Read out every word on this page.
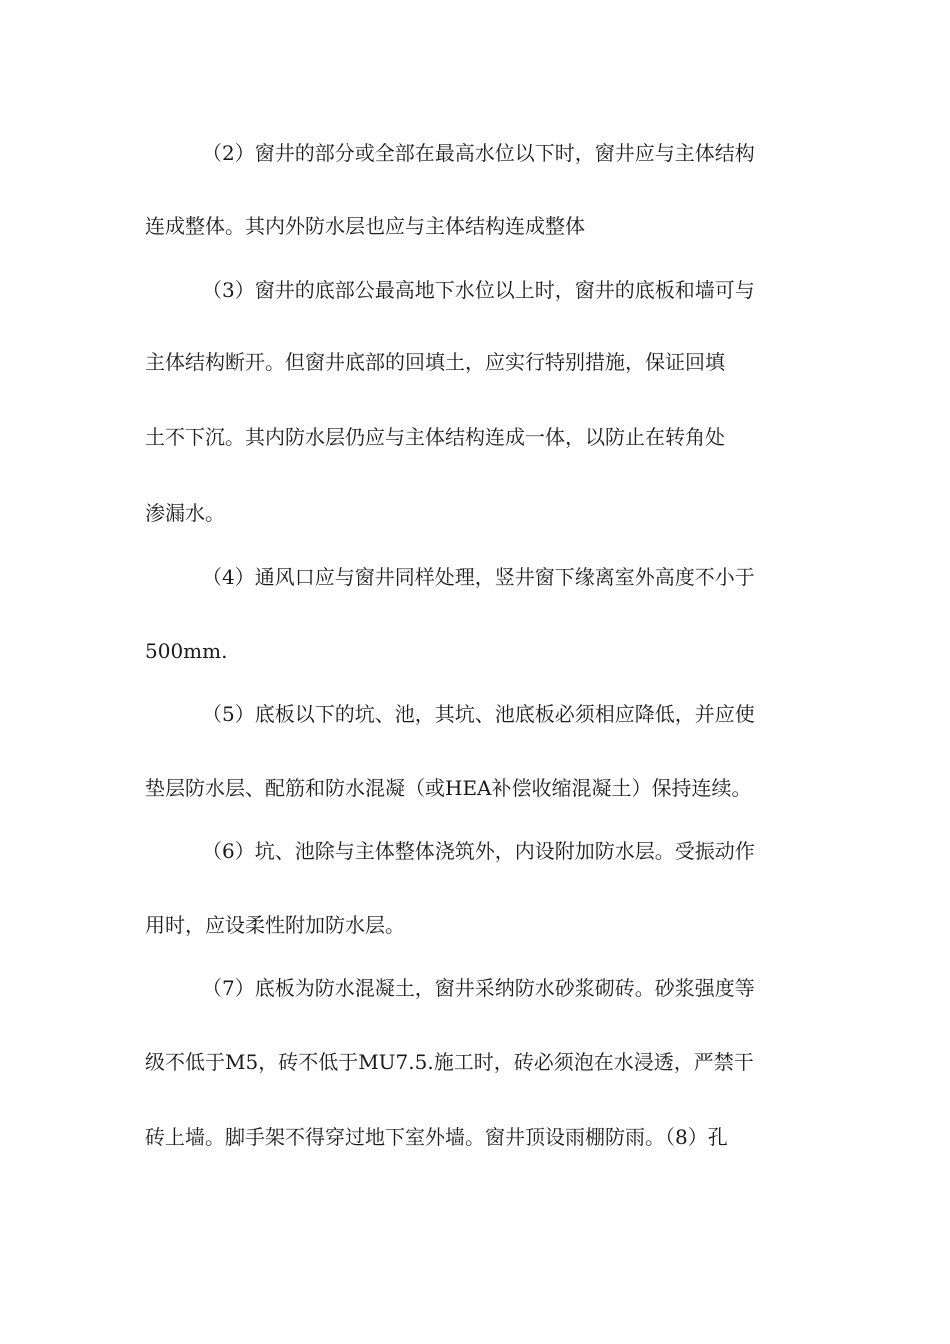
（2）窗井的部分或全部在最高水位以下时，窗井应与主体结构
连成整体。其内外防水层也应与主体结构连成整体
（3）窗井的底部公最高地下水位以上时，窗井的底板和墙可与
主体结构断开。但窗井底部的回填土，应实行特别措施，保证回填
土不下沉。其内防水层仍应与主体结构连成一体，以防止在转角处
渗漏水。
（4）通风口应与窗井同样处理，竖井窗下缘离室外高度不小于
500mm.
（5）底板以下的坑、池，其坑、池底板必须相应降低，并应使
垫层防水层、配筋和防水混凝（或HEA补偿收缩混凝土）保持连续。
（6）坑、池除与主体整体浇筑外，内设附加防水层。受振动作
用时，应设柔性附加防水层。
（7）底板为防水混凝土，窗井采纳防水砂浆砌砖。砂浆强度等
级不低于M5，砖不低于MU7.5.施工时，砖必须泡在水浸透，严禁干
砖上墙。脚手架不得穿过地下室外墙。窗井顶设雨棚防雨。（8）孔
